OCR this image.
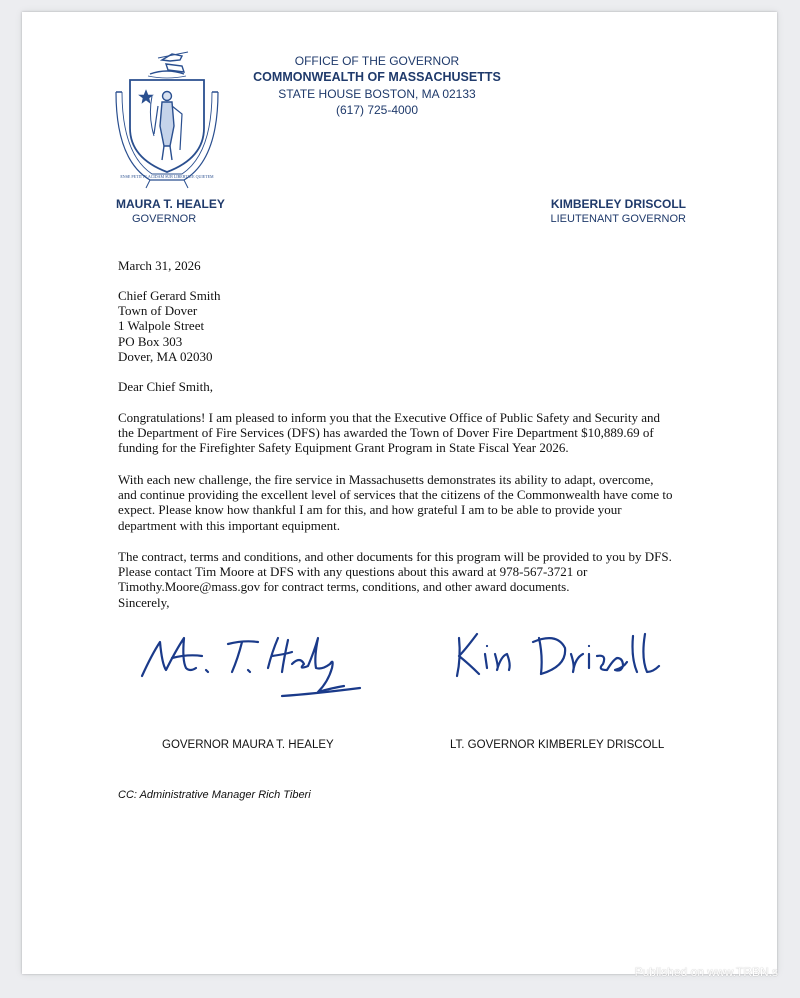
ENSE PETIT PLACIDAM SUB LIBERTATE QUIETEM
OFFICE OF THE GOVERNOR
COMMONWEALTH OF MASSACHUSETTS
STATE HOUSE BOSTON, MA 02133
(617) 725-4000
MAURA T. HEALEY
GOVERNOR
KIMBERLEY DRISCOLL
LIEUTENANT GOVERNOR
March 31, 2026
Chief Gerard Smith
Town of Dover
1 Walpole Street
PO Box 303
Dover, MA 02030
Dear Chief Smith,
Congratulations! I am pleased to inform you that the Executive Office of Public Safety and Security and
the Department of Fire Services (DFS) has awarded the Town of Dover Fire Department $10,889.69 of
funding for the Firefighter Safety Equipment Grant Program in State Fiscal Year 2026.
With each new challenge, the fire service in Massachusetts demonstrates its ability to adapt, overcome,
and continue providing the excellent level of services that the citizens of the Commonwealth have come to
expect. Please know how thankful I am for this, and how grateful I am to be able to provide your
department with this important equipment.
The contract, terms and conditions, and other documents for this program will be provided to you by DFS.
Please contact Tim Moore at DFS with any questions about this award at 978-567-3721 or
Timothy.Moore@mass.gov for contract terms, conditions, and other award documents.
Sincerely,
GOVERNOR MAURA T. HEALEY	LT. GOVERNOR KIMBERLEY DRISCOLL
CC: Administrative Manager Rich Tiberi
Published on www.TRBN.s
